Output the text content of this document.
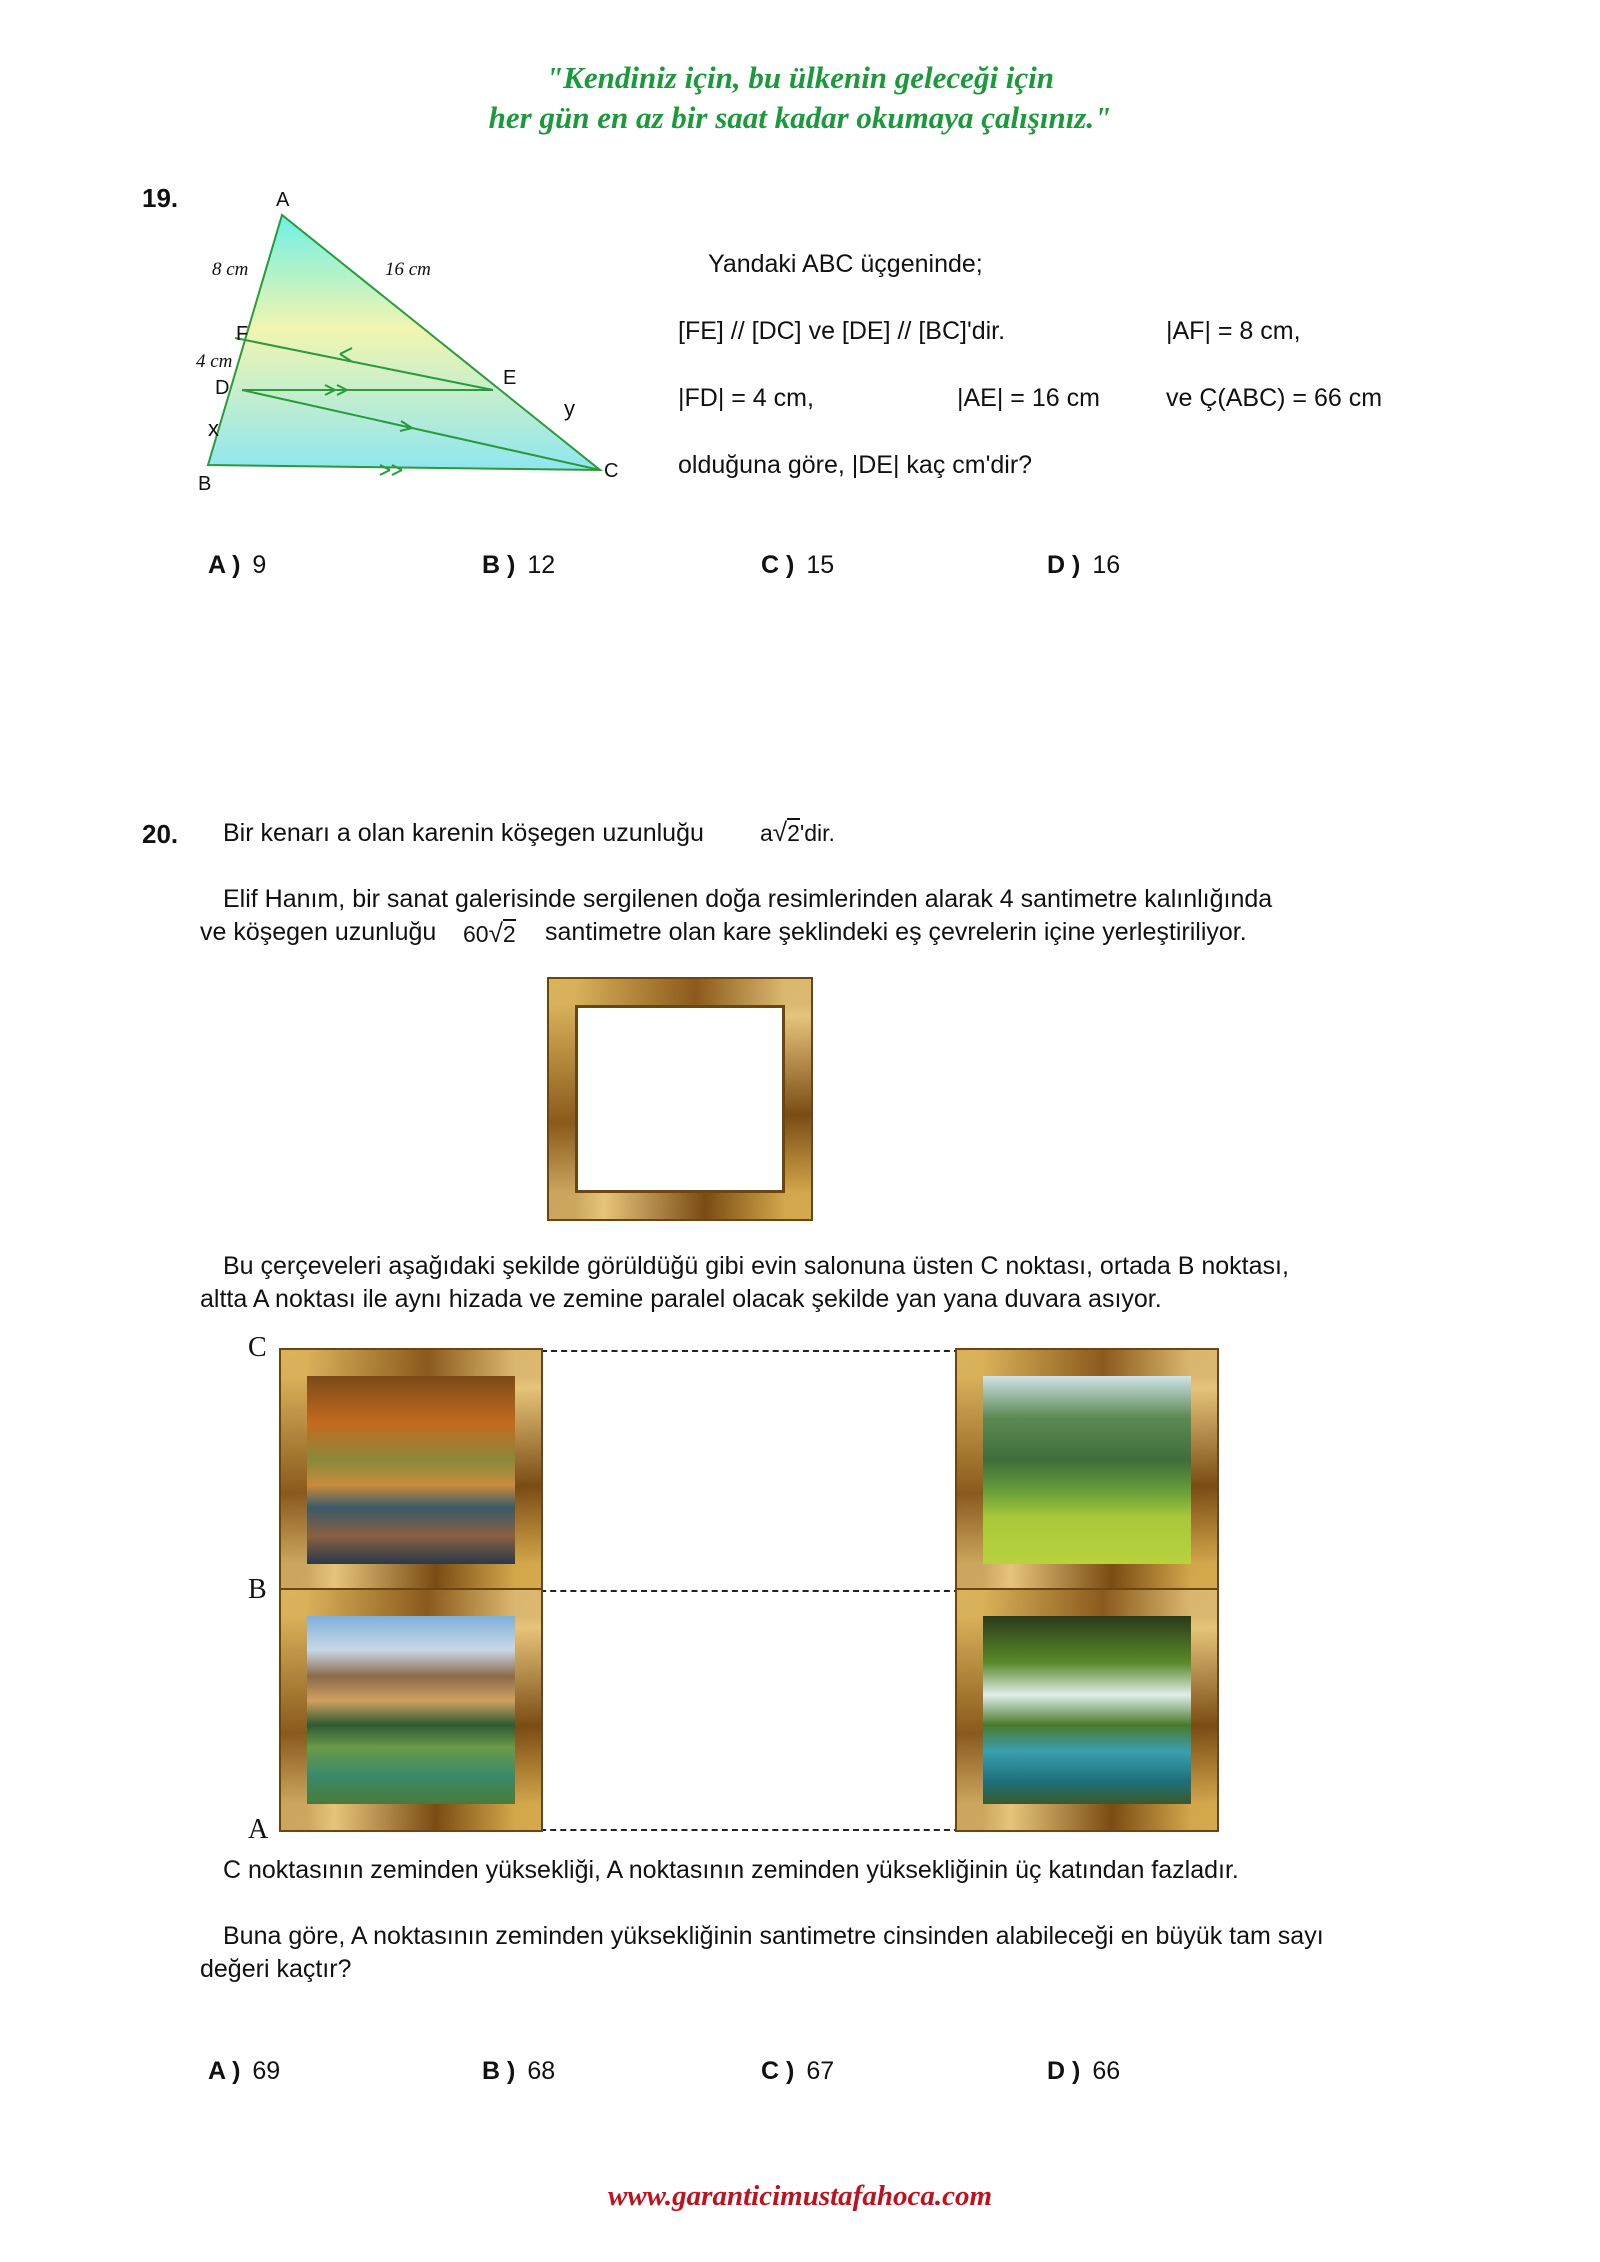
"Kendiniz için, bu ülkenin geleceği için
her gün en az bir saat kadar okumaya çalışınız."
19.	A
B
C
D	E
F
x
y
8 cm	16 cm
4 cm
Yandaki ABC üçgeninde;
[FE] // [DC] ve [DE] // [BC]'dir.	|AF| = 8 cm,
|FD| = 4 cm,	|AE| = 16 cm	ve Ç(ABC) = 66 cm
olduğuna göre, |DE| kaç cm'dir?
A ) 9	B ) 12	C ) 15	D ) 16
20. Bir kenarı a olan karenin köşegen uzunluğu a√2'dir.
Elif Hanım, bir sanat galerisinde sergilenen doğa resimlerinden alarak 4 santimetre kalınlığında
ve köşegen uzunluğu 60√2 santimetre olan kare şeklindeki eş çevrelerin içine yerleştiriliyor.
Bu çerçeveleri aşağıdaki şekilde görüldüğü gibi evin salonuna üsten C noktası, ortada B noktası,
altta A noktası ile aynı hizada ve zemine paralel olacak şekilde yan yana duvara asıyor.
C
B
A
C noktasının zeminden yüksekliği, A noktasının zeminden yüksekliğinin üç katından fazladır.
Buna göre, A noktasının zeminden yüksekliğinin santimetre cinsinden alabileceği en büyük tam sayı
değeri kaçtır?
A ) 69	B ) 68	C ) 67	D ) 66
www.garanticimustafahoca.com
